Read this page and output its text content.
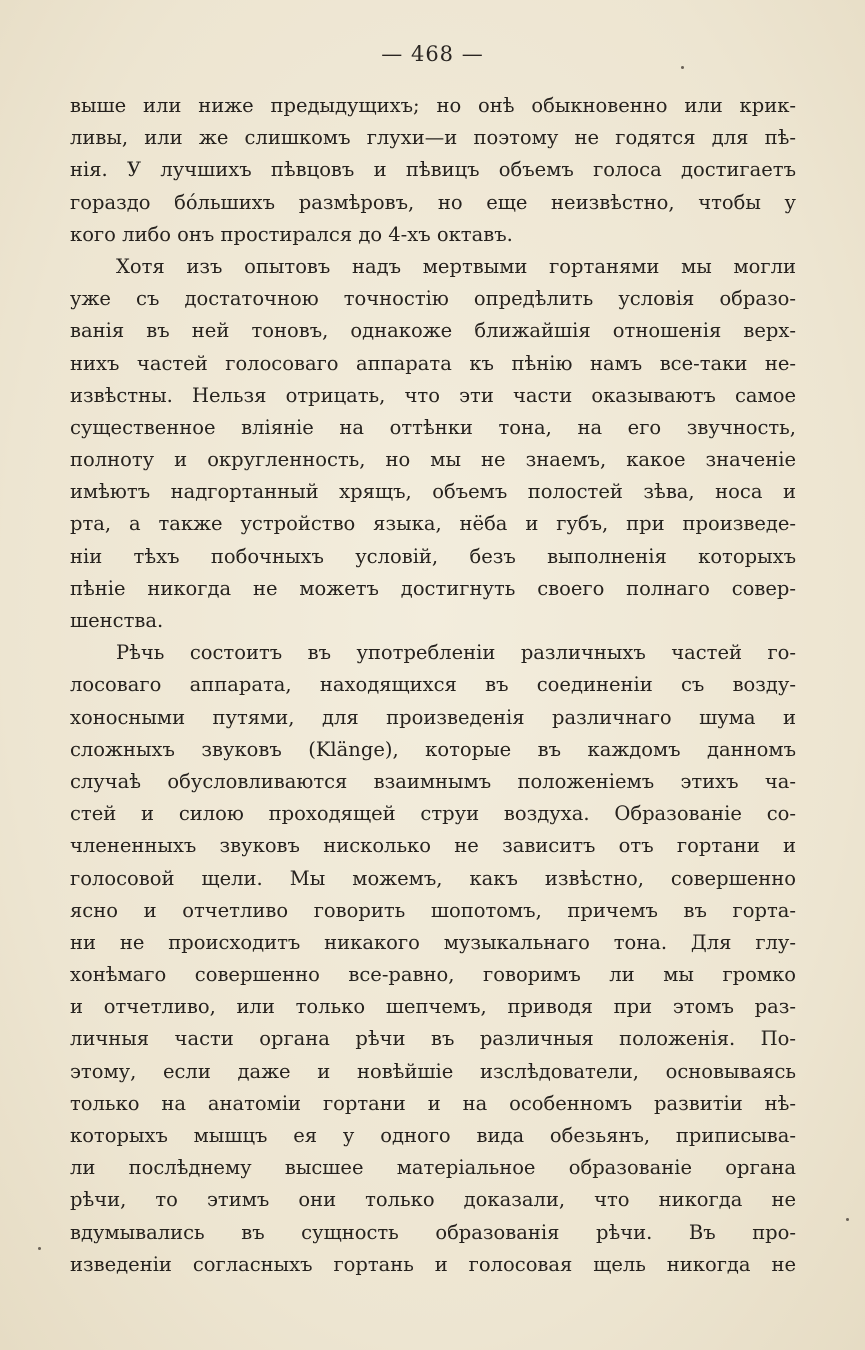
— 468 —
выше или ниже предыдущихъ; но онѣ обыкновенно или крик-
ливы, или же слишкомъ глухи—и поэтому не годятся для пѣ-
нія. У лучшихъ пѣвцовъ и пѣвицъ объемъ голоса достигаетъ
гораздо бóльшихъ размѣровъ, но еще неизвѣстно, чтобы у
кого либо онъ простирался до 4-хъ октавъ.
Хотя изъ опытовъ надъ мертвыми гортанями мы могли
уже съ достаточною точностію опредѣлить условія образо-
ванія въ ней тоновъ, однакоже ближайшія отношенія верх-
нихъ частей голосоваго аппарата къ пѣнію намъ все-таки не-
извѣстны. Нельзя отрицать, что эти части оказываютъ самое
существенное вліяніе на оттѣнки тона, на его звучность,
полноту и округленность, но мы не знаемъ, какое значеніе
имѣютъ надгортанный хрящъ, объемъ полостей зѣва, носа и
рта, а также устройство языка, нёба и губъ, при произведе-
ніи тѣхъ побочныхъ условій, безъ выполненія которыхъ
пѣніе никогда не можетъ достигнуть своего полнаго совер-
шенства.
Рѣчь состоитъ въ употребленіи различныхъ частей го-
лосоваго аппарата, находящихся въ соединеніи съ возду-
хоносными путями, для произведенія различнаго шума и
сложныхъ звуковъ (Klänge), которые въ каждомъ данномъ
случаѣ обусловливаются взаимнымъ положеніемъ этихъ ча-
стей и силою проходящей струи воздуха. Образованіе со-
члененныхъ звуковъ нисколько не зависитъ отъ гортани и
голосовой щели. Мы можемъ, какъ извѣстно, совершенно
ясно и отчетливо говорить шопотомъ, причемъ въ горта-
ни не происходитъ никакого музыкальнаго тона. Для глу-
хонѣмаго совершенно все-равно, говоримъ ли мы громко
и отчетливо, или только шепчемъ, приводя при этомъ раз-
личныя части органа рѣчи въ различныя положенія. По-
этому, если даже и новѣйшіе изслѣдователи, основываясь
только на анатоміи гортани и на особенномъ развитіи нѣ-
которыхъ мышцъ ея у одного вида обезьянъ, приписыва-
ли послѣднему высшее матеріальное образованіе органа
рѣчи, то этимъ они только доказали, что никогда не
вдумывались въ сущность образованія рѣчи. Въ про-
изведеніи согласныхъ гортань и голосовая щель никогда не
